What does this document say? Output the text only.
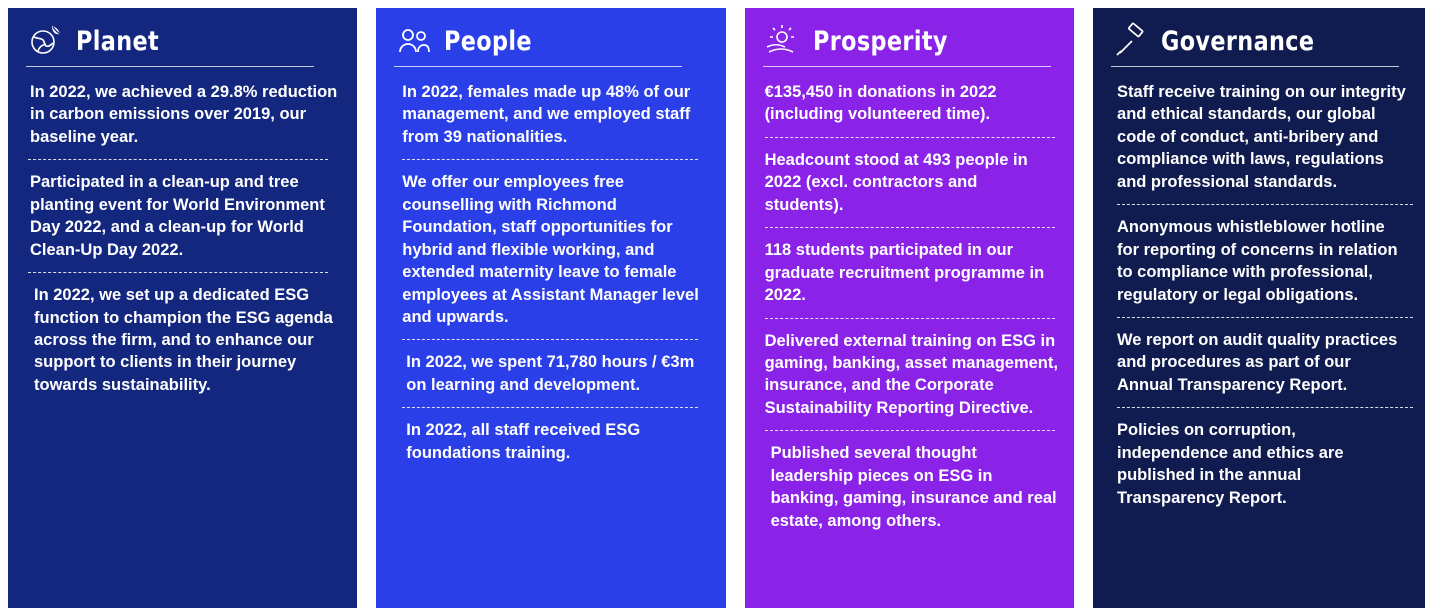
Planet
In 2022, we achieved a 29.8% reduction in carbon emissions over 2019, our baseline year.
Participated in a clean-up and tree planting event for World Environment Day 2022, and a clean-up for World Clean-Up Day 2022.
In 2022, we set up a dedicated ESG function to champion the ESG agenda across the firm, and to enhance our support to clients in their journey towards sustainability.
People
In 2022, females made up 48% of our management, and we employed staff from 39 nationalities.
We offer our employees free counselling with Richmond Foundation, staff opportunities for hybrid and flexible working, and extended maternity leave to female employees at Assistant Manager level and upwards.
In 2022, we spent 71,780 hours / €3m on learning and development.
In 2022, all staff received ESG foundations training.
Prosperity
€135,450 in donations in 2022 (including volunteered time).
Headcount stood at 493 people in 2022 (excl. contractors and students).
118 students participated in our graduate recruitment programme in 2022.
Delivered external training on ESG in gaming, banking, asset management, insurance, and the Corporate Sustainability Reporting Directive.
Published several thought leadership pieces on ESG in banking, gaming, insurance and real estate, among others.
Governance
Staff receive training on our integrity and ethical standards, our global code of conduct, anti-bribery and compliance with laws, regulations and professional standards.
Anonymous whistleblower hotline for reporting of concerns in relation to compliance with professional, regulatory or legal obligations.
We report on audit quality practices and procedures as part of our Annual Transparency Report.
Policies on corruption, independence and ethics are published in the annual Transparency Report.
